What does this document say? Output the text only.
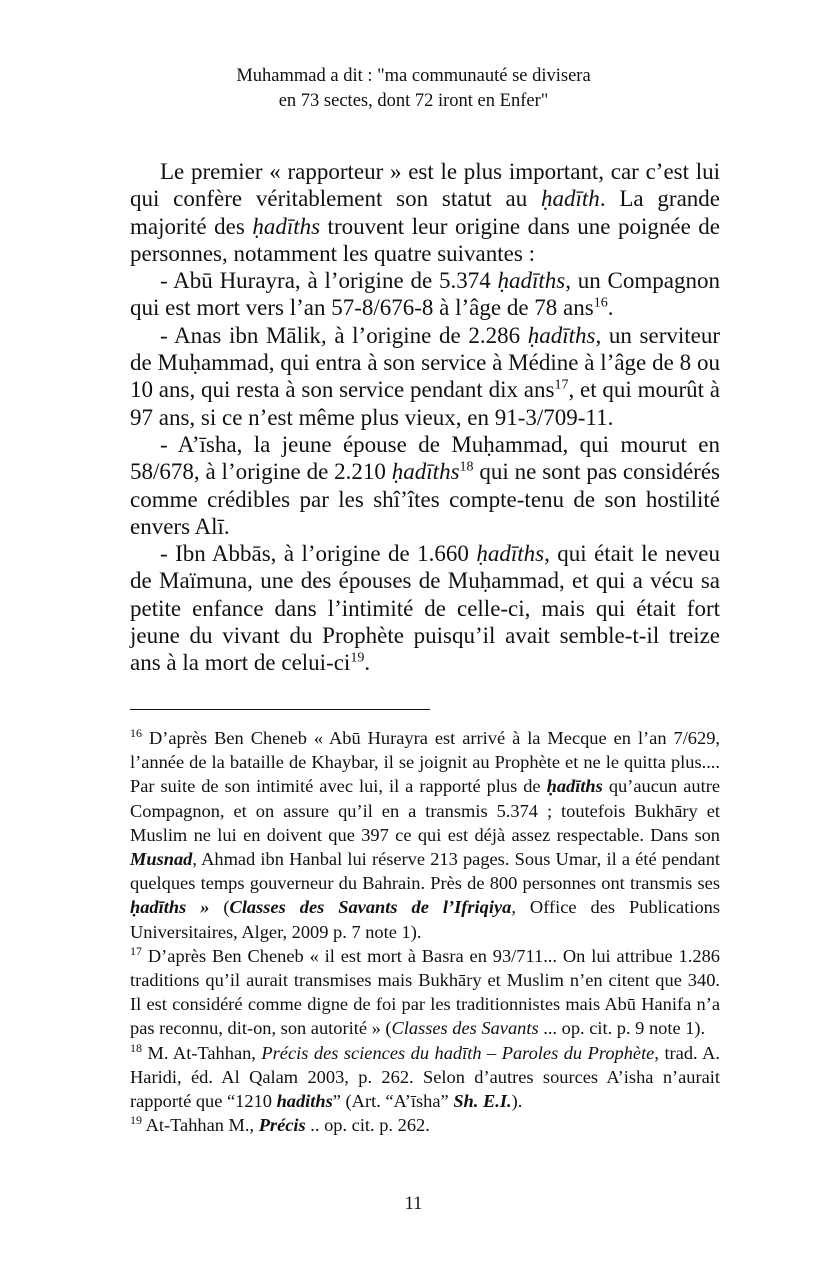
Muhammad a dit : "ma communauté se divisera
en 73 sectes, dont 72 iront en Enfer"

Le premier « rapporteur » est le plus important, car c’est lui qui confère véritablement son statut au ḥadīth. La grande majorité des ḥadīths trouvent leur origine dans une poignée de personnes, notamment les quatre suivantes :

- Abū Hurayra, à l’origine de 5.374 ḥadīths, un Compagnon qui est mort vers l’an 57-8/676-8 à l’âge de 78 ans$^{16}$.

- Anas ibn Mālik, à l’origine de 2.286 ḥadīths, un serviteur de Muḥammad, qui entra à son service à Médine à l’âge de 8 ou 10 ans, qui resta à son service pendant dix ans$^{17}$, et qui mourût à 97 ans, si ce n’est même plus vieux, en 91-3/709-11.

- A’īsha, la jeune épouse de Muḥammad, qui mourut en 58/678, à l’origine de 2.210 ḥadīths$^{18}$ qui ne sont pas considérés comme crédibles par les shî’îtes compte-tenu de son hostilité envers Alī.

- Ibn Abbās, à l’origine de 1.660 ḥadīths, qui était le neveu de Maïmuna, une des épouses de Muḥammad, et qui a vécu sa petite enfance dans l’intimité de celle-ci, mais qui était fort jeune du vivant du Prophète puisqu’il avait semble-t-il treize ans à la mort de celui-$ci^{19}$.

$^{16}$ D’après Ben Cheneb « Abū Hurayra est arrivé à la Mecque en l’an 7/629, l’année de la bataille de Khaybar, il se joignit au Prophète et ne le quitta plus.... Par suite de son intimité avec lui, il a rapporté plus de ḥadīths qu’aucun autre Compagnon, et on assure qu’il en a transmis 5.374 ; toutefois Bukhāry et Muslim ne lui en doivent que 397 ce qui est déjà assez respectable. Dans son Musnad, Ahmad ibn Hanbal lui réserve 213 pages. Sous Umar, il a été pendant quelques temps gouverneur du Bahrain. Près de 800 personnes ont transmis ses ḥadīths » (Classes des Savants de l’Ifriqiya, Office des Publications Universitaires, Alger, 2009 p. 7 note 1).

$^{17}$ D’après Ben Cheneb « il est mort à Basra en 93/711... On lui attribue 1.286 traditions qu’il aurait transmises mais Bukhāry et Muslim n’en citent que 340. Il est considéré comme digne de foi par les traditionnistes mais Abū Hanifa n’a pas reconnu, dit-on, son autorité » (Classes des Savants ... op. cit. p. 9 note 1).

$^{18}$ M. At-Tahhan, Précis des sciences du hadīth – Paroles du Prophète, trad. A. Haridi, éd. Al Qalam 2003, p. 262. Selon d’autres sources A’isha n’aurait rapporté que “1210 hadiths” (Art. “A’īsha” Sh. E.I.).

$^{19}$ At-Tahhan M., Précis .. op. cit. p. 262.

11
